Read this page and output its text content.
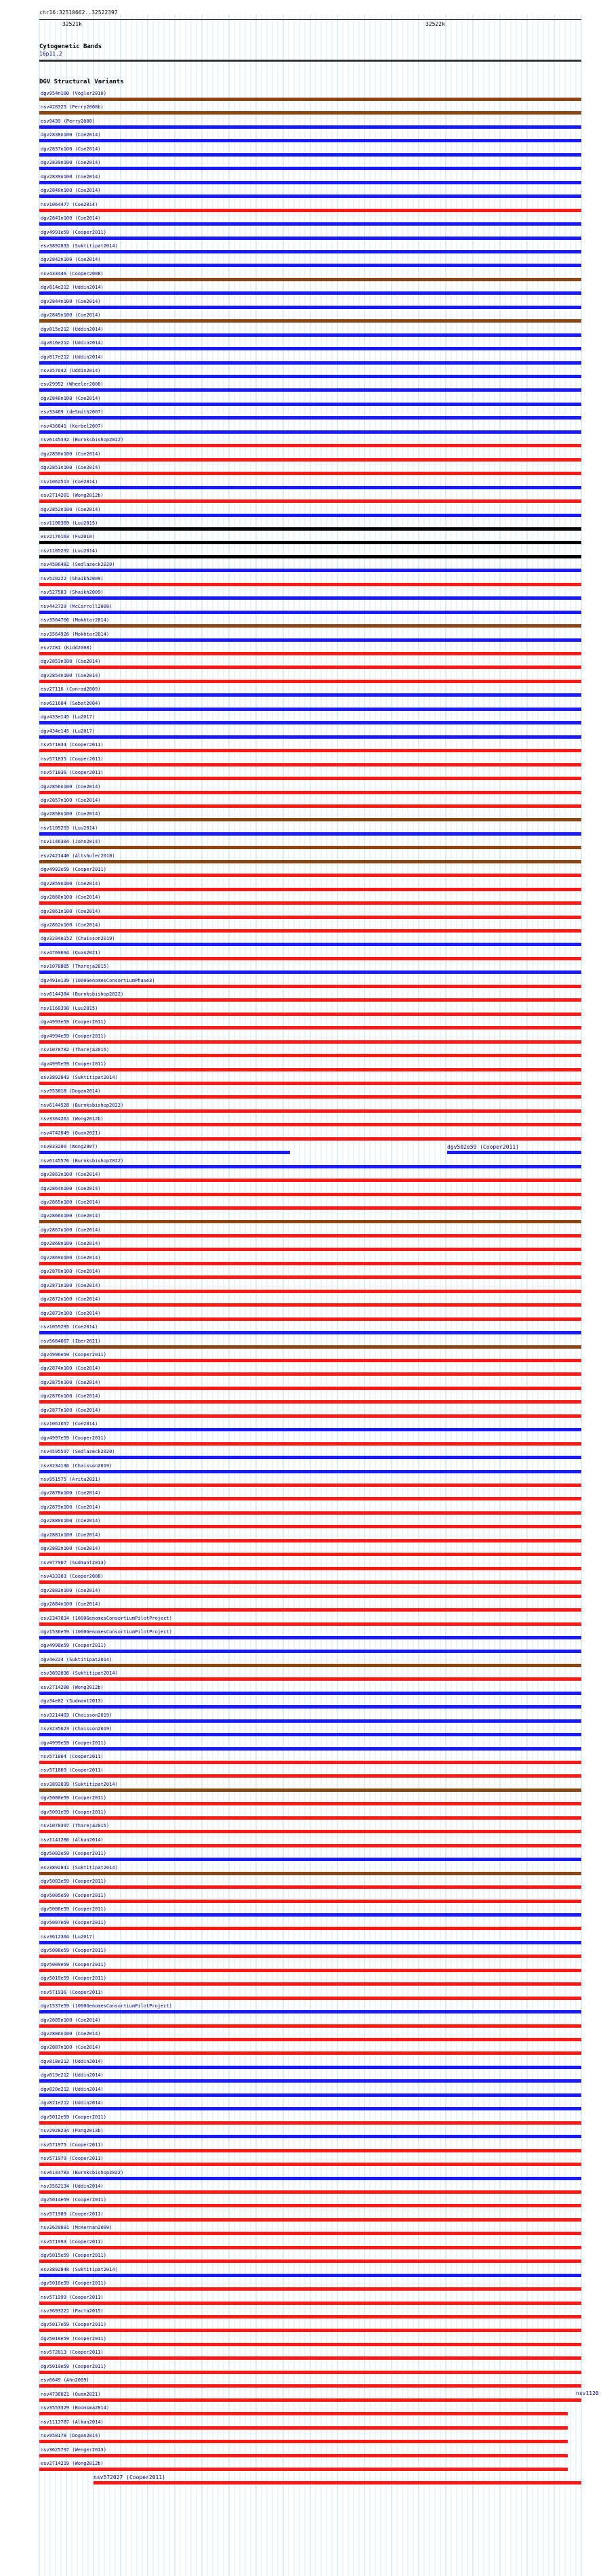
chr16:32510662..32522397
32521k	32522k
Cytogenetic Bands
16p11.2
DGV Structural Variants
dgv954n100 (Vogler2010)
nsv428325 (Perry2008b)
esv9439 (Perry2008)
dgv2838n100 (Coe2014)
dgv2837n100 (Coe2014)
dgv2839n100 (Coe2014)
dgv2839n100 (Coe2014)
dgv2840n100 (Coe2014)
nsv1064477 (Coe2014)
dgv2841n100 (Coe2014)
dgv4991e59 (Cooper2011)
esv3892833 (Suktitipat2014)
dgv2842n100 (Coe2014)
nsv433446 (Cooper2008)
dgv814e212 (Uddin2014)
dgv2844n100 (Coe2014)
dgv2845n100 (Coe2014)
dgv815e212 (Uddin2014)
dgv816e212 (Uddin2014)
dgv817e212 (Uddin2014)
nsv357642 (Uddin2014)
esv29952 (Wheeler2008)
dgv2846n100 (Coe2014)
esv33469 (deSmith2007)
nsv436841 (Korbel2007)
nsv6145332 (Burnksbishop2022)
dgv2850n100 (Coe2014)
dgv2851n100 (Coe2014)
nsv1062513 (Coe2014)
esv2714201 (Wong2012b)
dgv2852n100 (Coe2014)
nsv1100369 (Luu2015)
esv2176163 (Fu2010)
nsv1105292 (Luu2014)
nsv4586482 (Sedlazeck2020)
nsv520222 (Shaikh2009)
nsv527583 (Shaikh2009)
nsv442729 (McCarroll2008)
nsv3564766 (Mokhtar2014)
nsv3564926 (Mokhtar2014)
esv7281 (Kidd2008)
dgv2853n100 (Coe2014)
dgv2854n100 (Coe2014)
esv27116 (Conrad2009)
nsv621604 (Sebat2004)
dgv433e145 (Lu2017)
dgv434e145 (Lu2017)
nsv571834 (Cooper2011)
nsv571835 (Cooper2011)
nsv571836 (Cooper2011)
dgv2856n100 (Coe2014)
dgv2857n100 (Coe2014)
dgv2858n100 (Coe2014)
nsv1105293 (Luu2014)
nsv1146304 (John2014)
esv2421440 (Altshuler2010)
dgv4992e59 (Cooper2011)
dgv2859n100 (Coe2014)
dgv2860n100 (Coe2014)
dgv2861n100 (Coe2014)
dgv2862n100 (Coe2014)
dgv3204e152 (Chaisson2019)
nsv4769694 (Quan2021)
nsv1078885 (Thareja2015)
dgv491e139 (1000GenomesConsortiumPhase3)
nsv6144384 (Burnksbishop2022)
nsv1160390 (Luu2015)
dgv4993e59 (Cooper2011)
dgv4994e59 (Cooper2011)
nsv1078782 (Thareja2015)
dgv4995e59 (Cooper2011)
esv3892843 (Suktitipat2014)
nsv953818 (Dogan2014)
nsv6144528 (Burnksbishop2022)
nsv3364261 (Wong2012b)
nsv4742049 (Quan2021)
nsv833200 (Wong2007)
nsv6145576 (Burnksbishop2022)
dgv2863n100 (Coe2014)
dgv2864n100 (Coe2014)
dgv2865n100 (Coe2014)
dgv2866n100 (Coe2014)
dgv2867n100 (Coe2014)
dgv2868n100 (Coe2014)
dgv2869n100 (Coe2014)
dgv2870n100 (Coe2014)
dgv2871n100 (Coe2014)
dgv2872n100 (Coe2014)
dgv2873n100 (Coe2014)
nsv1055295 (Coe2014)
nsv5664667 (Iber2021)
dgv4996e59 (Cooper2011)
dgv2874n100 (Coe2014)
dgv2875n100 (Coe2014)
dgv2876n100 (Coe2014)
dgv2877n100 (Coe2014)
nsv1061057 (Coe2014)
dgv4997e59 (Cooper2011)
nsv4595597 (Sedlazeck2020)
nsv3234136 (Chaisson2019)
nsv951575 (Arita2021)
dgv2878n100 (Coe2014)
dgv2879n100 (Coe2014)
dgv2880n100 (Coe2014)
dgv2881n100 (Coe2014)
dgv2882n100 (Coe2014)
nsv977967 (Sudmant2013)
nsv433303 (Cooper2008)
dgv2883n100 (Coe2014)
dgv2884n100 (Coe2014)
esv2347834 (1000GenomesConsortiumPilotProject)
dgv1536e59 (1000GenomesConsortiumPilotProject)
dgv4998e59 (Cooper2011)
dgv4e224 (Suktitipat2014)
esv3892836 (Suktitipat2014)
esv2714208 (Wong2012b)
dgv34e82 (Sudmant2013)
nsv3214493 (Chaisson2019)
nsv3235623 (Chaisson2019)
dgv4999e59 (Cooper2011)
nsv571864 (Cooper2011)
nsv571869 (Cooper2011)
esv3892839 (Suktitipat2014)
dgv5000e59 (Cooper2011)
dgv5001e59 (Cooper2011)
nsv1078397 (Thareja2015)
nsv1141286 (Alkan2014)
dgv5002e59 (Cooper2011)
esv3892841 (Suktitipat2014)
dgv5003e59 (Cooper2011)
dgv5005e59 (Cooper2011)
dgv5006e59 (Cooper2011)
dgv5007e59 (Cooper2011)
nsv3612304 (Lu2017)
dgv5008e59 (Cooper2011)
dgv5009e59 (Cooper2011)
dgv5010e59 (Cooper2011)
nsv571936 (Cooper2011)
dgv1537e59 (1000GenomesConsortiumPilotProject)
dgv2885n100 (Coe2014)
dgv2886n100 (Coe2014)
dgv2887n100 (Coe2014)
dgv818e212 (Uddin2014)
dgv819e212 (Uddin2014)
dgv820e212 (Uddin2014)
dgv821e212 (Uddin2014)
dgv5012e59 (Cooper2011)
nsv2928234 (Pang2013b)
nsv571975 (Cooper2011)
nsv571979 (Cooper2011)
nsv6144783 (Burnksbishop2022)
nsv3562134 (Uddin2014)
dgv5014e59 (Cooper2011)
nsv571989 (Cooper2011)
nsv2629691 (McKernan2009)
nsv571993 (Cooper2011)
dgv5015e59 (Cooper2011)
esv3892848 (Suktitipat2014)
dgv5016e59 (Cooper2011)
nsv571999 (Cooper2011)
nsv3693221 (Pacta2015)
dgv5017e59 (Cooper2011)
dgv5018e59 (Cooper2011)
nsv572013 (Cooper2011)
dgv5019e59 (Cooper2011)
esv6649 (Ahn2009)
nsv4736021 (Quan2021)
nsv3553329 (Boomsma2014)
nsv1113787 (Alkan2014)
nsv958178 (Dogan2014)
nsv3625797 (Wenger2013)
esv2714219 (Wong2012b)
dgv502e59 (Cooper2011)
nsv1120
nsv572027 (Cooper2011)
